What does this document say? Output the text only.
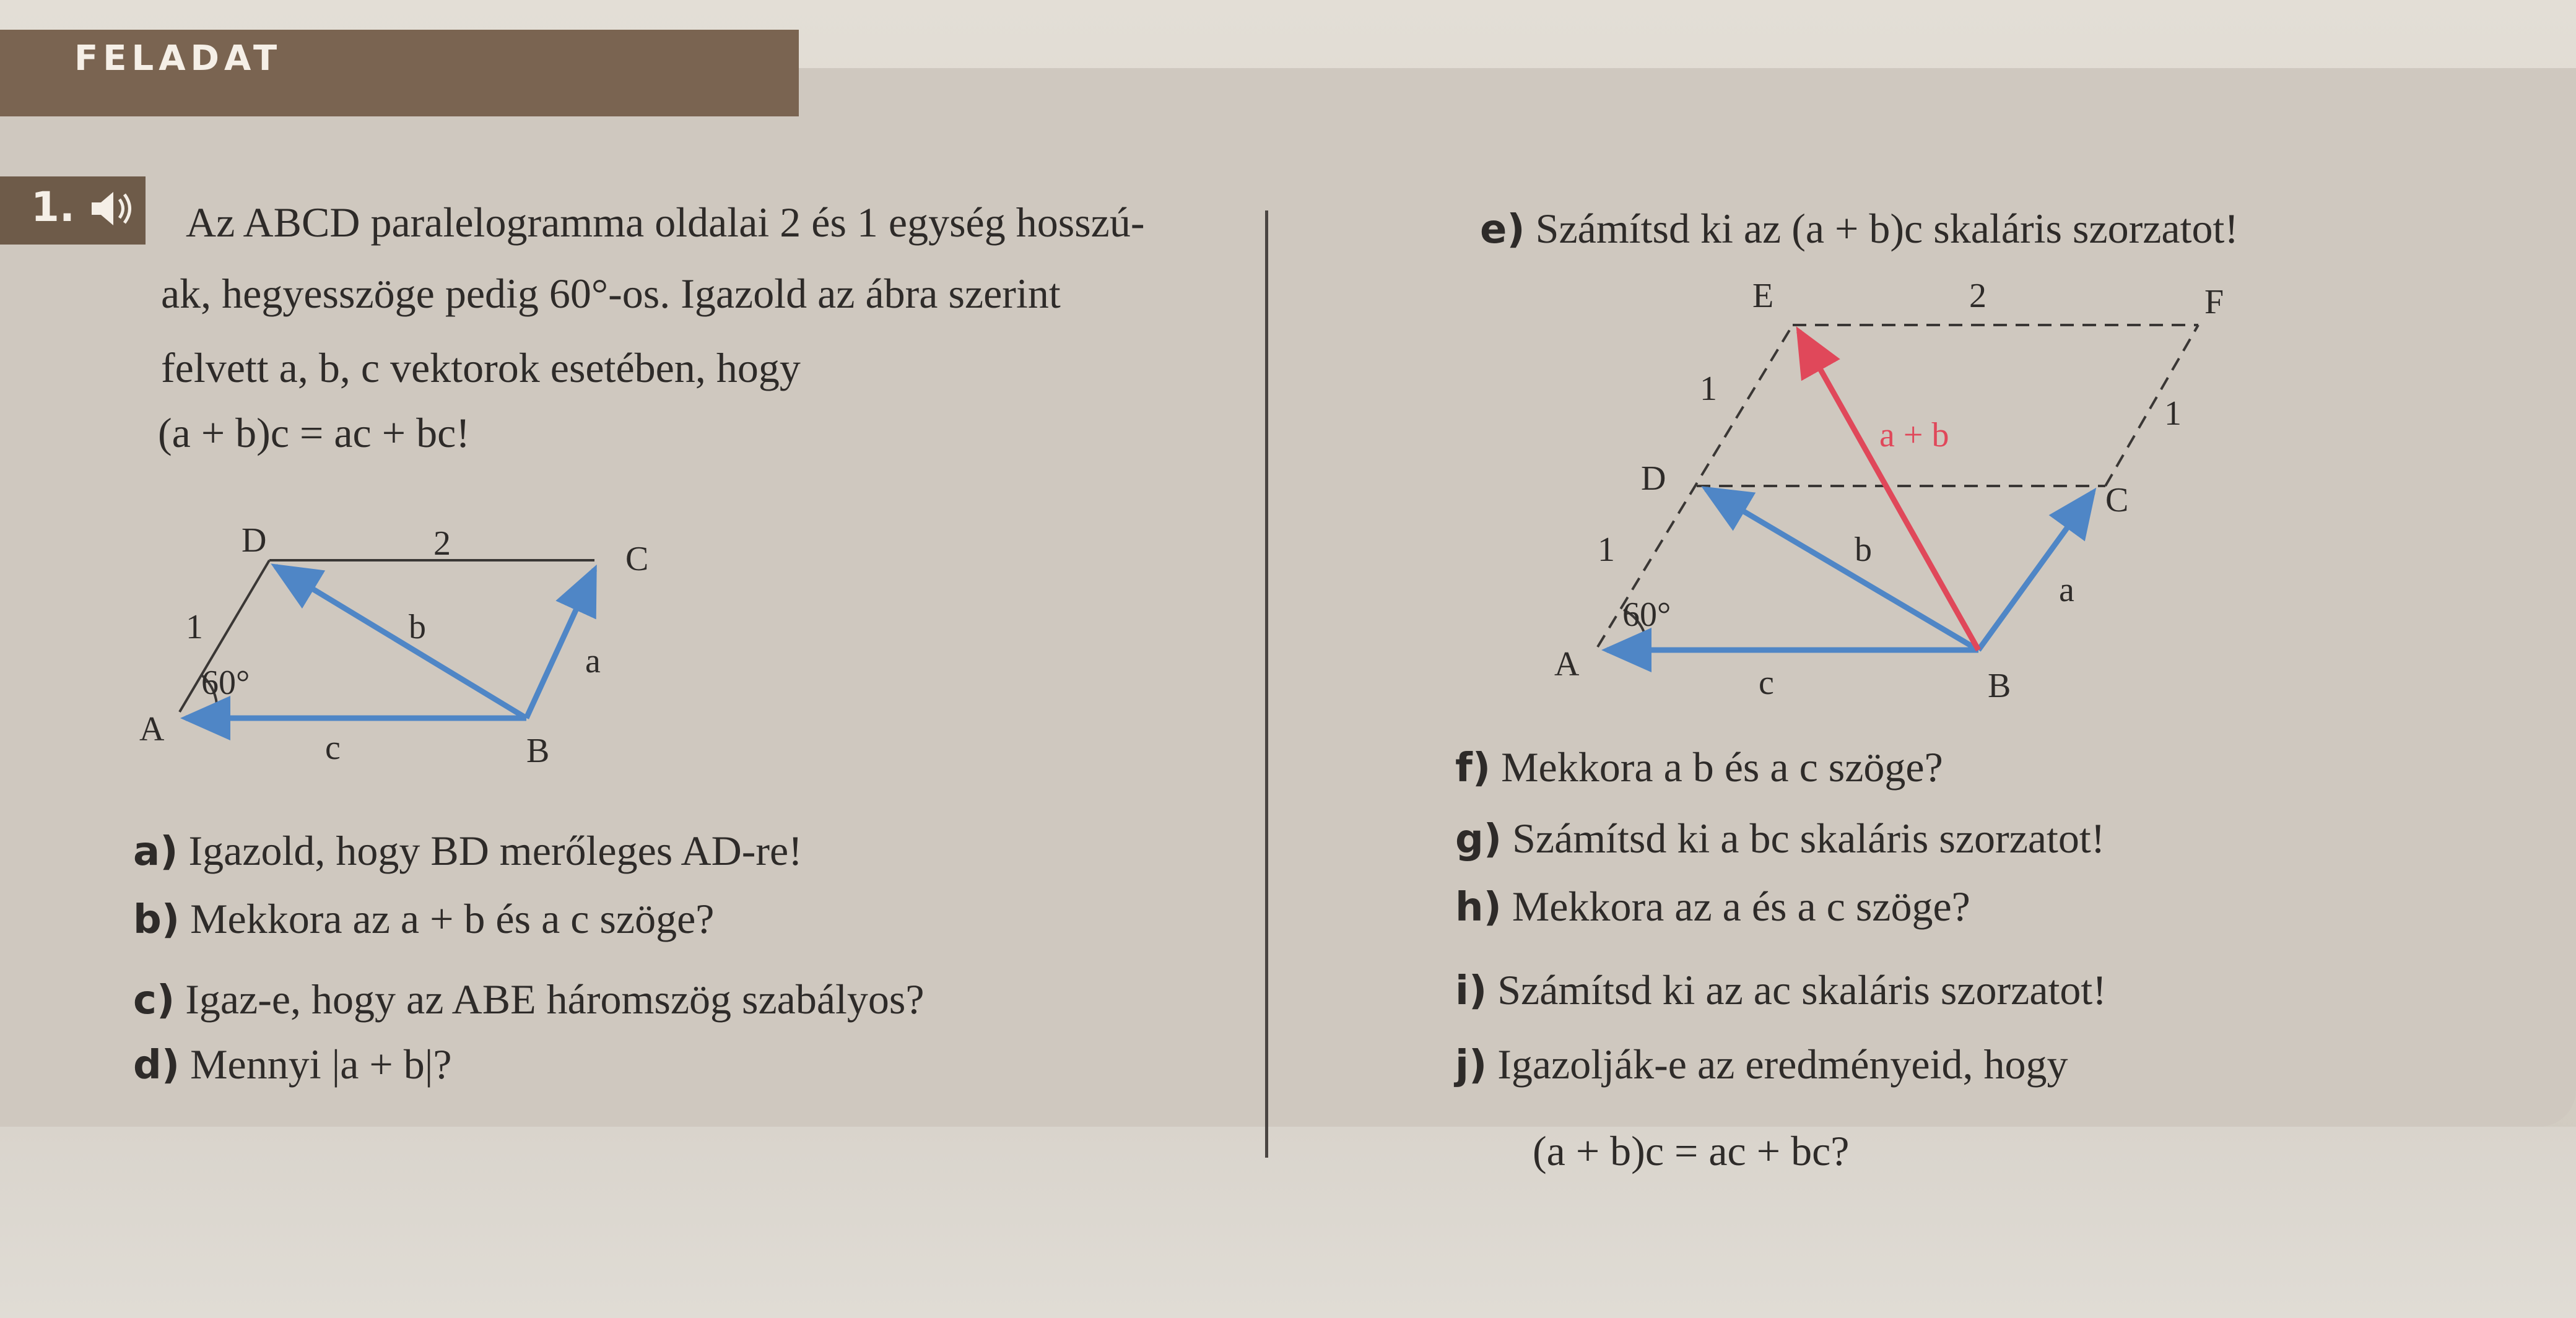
FELADAT
1.	Az ABCD paralelogramma oldalai 2 és 1 egység hosszú-
ak, hegyesszöge pedig 60°-os. Igazold az ábra szerint
felvett a, b, c vektorok esetében, hogy
(a + b)c = ac + bc!
D	C
A
B
2
1
60°
b
a
c
a) Igazold, hogy BD merőleges AD-re!
b) Mekkora az a + b és a c szöge?
c) Igaz-e, hogy az ABE háromszög szabályos?
d) Mennyi |a + b|?
e) Számítsd ki az (a + b)c skaláris szorzatot!
E	F
D
C
A
B
2
1
1
1
60°
a + b
b
a
c
f) Mekkora a b és a c szöge?
g) Számítsd ki a bc skaláris szorzatot!
h) Mekkora az a és a c szöge?
i) Számítsd ki az ac skaláris szorzatot!
j) Igazolják-e az eredményeid, hogy
(a + b)c = ac + bc?
